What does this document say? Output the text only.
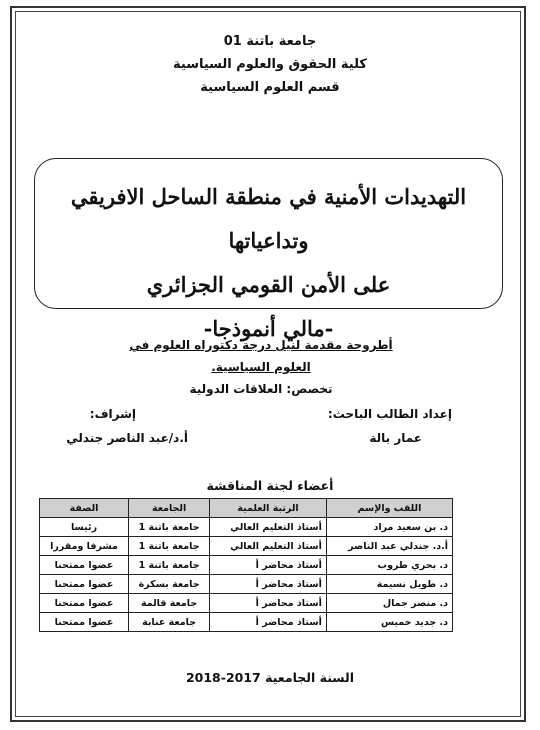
جامعة باتنة 01
كلية الحقوق والعلوم السياسية
قسم العلوم السياسية
التهديدات الأمنية في منطقة الساحل الافريقي وتداعياتها
على الأمن القومي الجزائري
-مالي أنموذجا-
أطروحة مقدمة لنيل درجة دكتوراه العلوم في العلوم السياسية.
تخصص: العلاقات الدولية
إعداد الطالب الباحث:
عمار بالة
إشراف:
أ.د/عبد الناصر جندلي
أعضاء لجنة المناقشة
اللقب والإسم	الرتبة العلمية	الجامعة	الصفة
د. بن سعيد مراد	أستاذ التعليم العالي	جامعة باتنة 1	رئيسا
أ.د. جندلي عبد الناصر	أستاذ التعليم العالي	جامعة باتنة 1	مشرفا ومقررا
د. بحري طروب	أستاذ محاضر أ	جامعة باتنة 1	عضوا ممتحنا
د. طويل نسيمة	أستاذ محاضر أ	جامعة بسكرة	عضوا ممتحنا
د. منصر جمال	أستاذ محاضر أ	جامعة قالمة	عضوا ممتحنا
د. جديد خميس	أستاذ محاضر أ	جامعة عنابة	عضوا ممتحنا
السنة الجامعية 2017-2018
